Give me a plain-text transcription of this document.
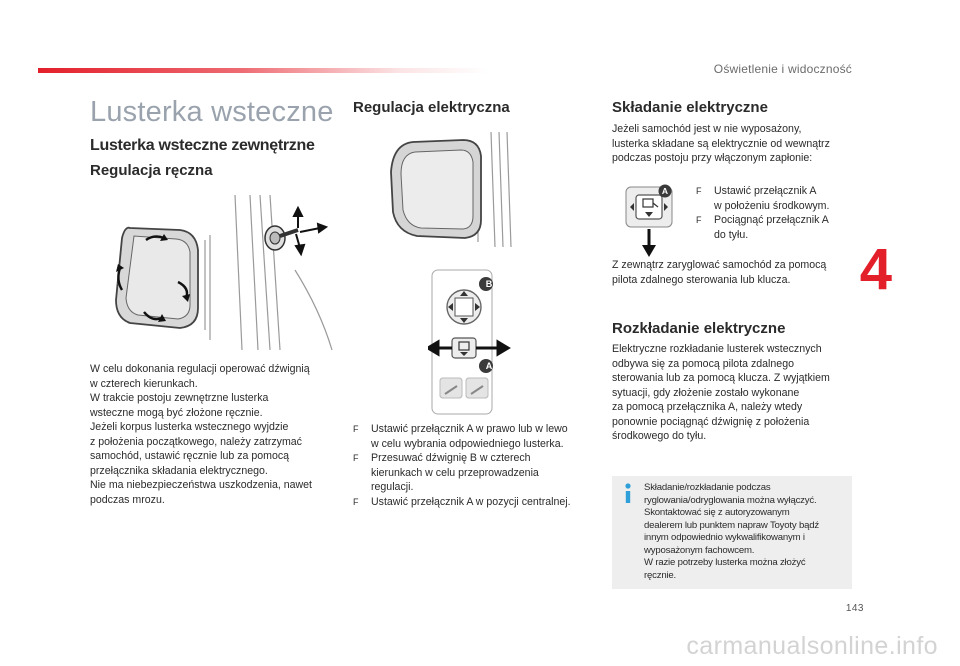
Oświetlenie i widoczność
Lusterka wsteczne
Lusterka wsteczne zewnętrzne
Regulacja ręczna
W celu dokonania regulacji operować dźwignią
w czterech kierunkach.
W trakcie postoju zewnętrzne lusterka
wsteczne mogą być złożone ręcznie.
Jeżeli korpus lusterka wstecznego wyjdzie
z położenia początkowego, należy zatrzymać
samochód, ustawić ręcznie lub za pomocą
przełącznika składania elektrycznego.
Nie ma niebezpieczeństwa uszkodzenia, nawet
podczas mrozu.
Regulacja elektryczna
B
A
F Ustawić przełącznik A w prawo lub w lewo
w celu wybrania odpowiedniego lusterka.
F Przesuwać dźwignię B w czterech
kierunkach w celu przeprowadzenia
regulacji.
F Ustawić przełącznik A w pozycji centralnej.
Składanie elektryczne
Jeżeli samochód jest w nie wyposażony,
lusterka składane są elektrycznie od wewnątrz
podczas postoju przy włączonym zapłonie:
A	F Ustawić przełącznik A
w położeniu środkowym.
F Pociągnąć przełącznik A
do tyłu.
Z zewnątrz zaryglować samochód za pomocą
pilota zdalnego sterowania lub klucza.
Rozkładanie elektryczne
Elektryczne rozkładanie lusterek wstecznych
odbywa się za pomocą pilota zdalnego
sterowania lub za pomocą klucza. Z wyjątkiem
sytuacji, gdy złożenie zostało wykonane
za pomocą przełącznika A, należy wtedy
ponownie pociągnąć dźwignię z położenia
środkowego do tyłu.
Składanie/rozkładanie podczas
ryglowania/odryglowania można wyłączyć.
Skontaktować się z autoryzowanym
dealerem lub punktem napraw Toyoty bądź
innym odpowiednio wykwalifikowanym i
wyposażonym fachowcem.
W razie potrzeby lusterka można złożyć
ręcznie.
4
143
carmanualsonline.info
